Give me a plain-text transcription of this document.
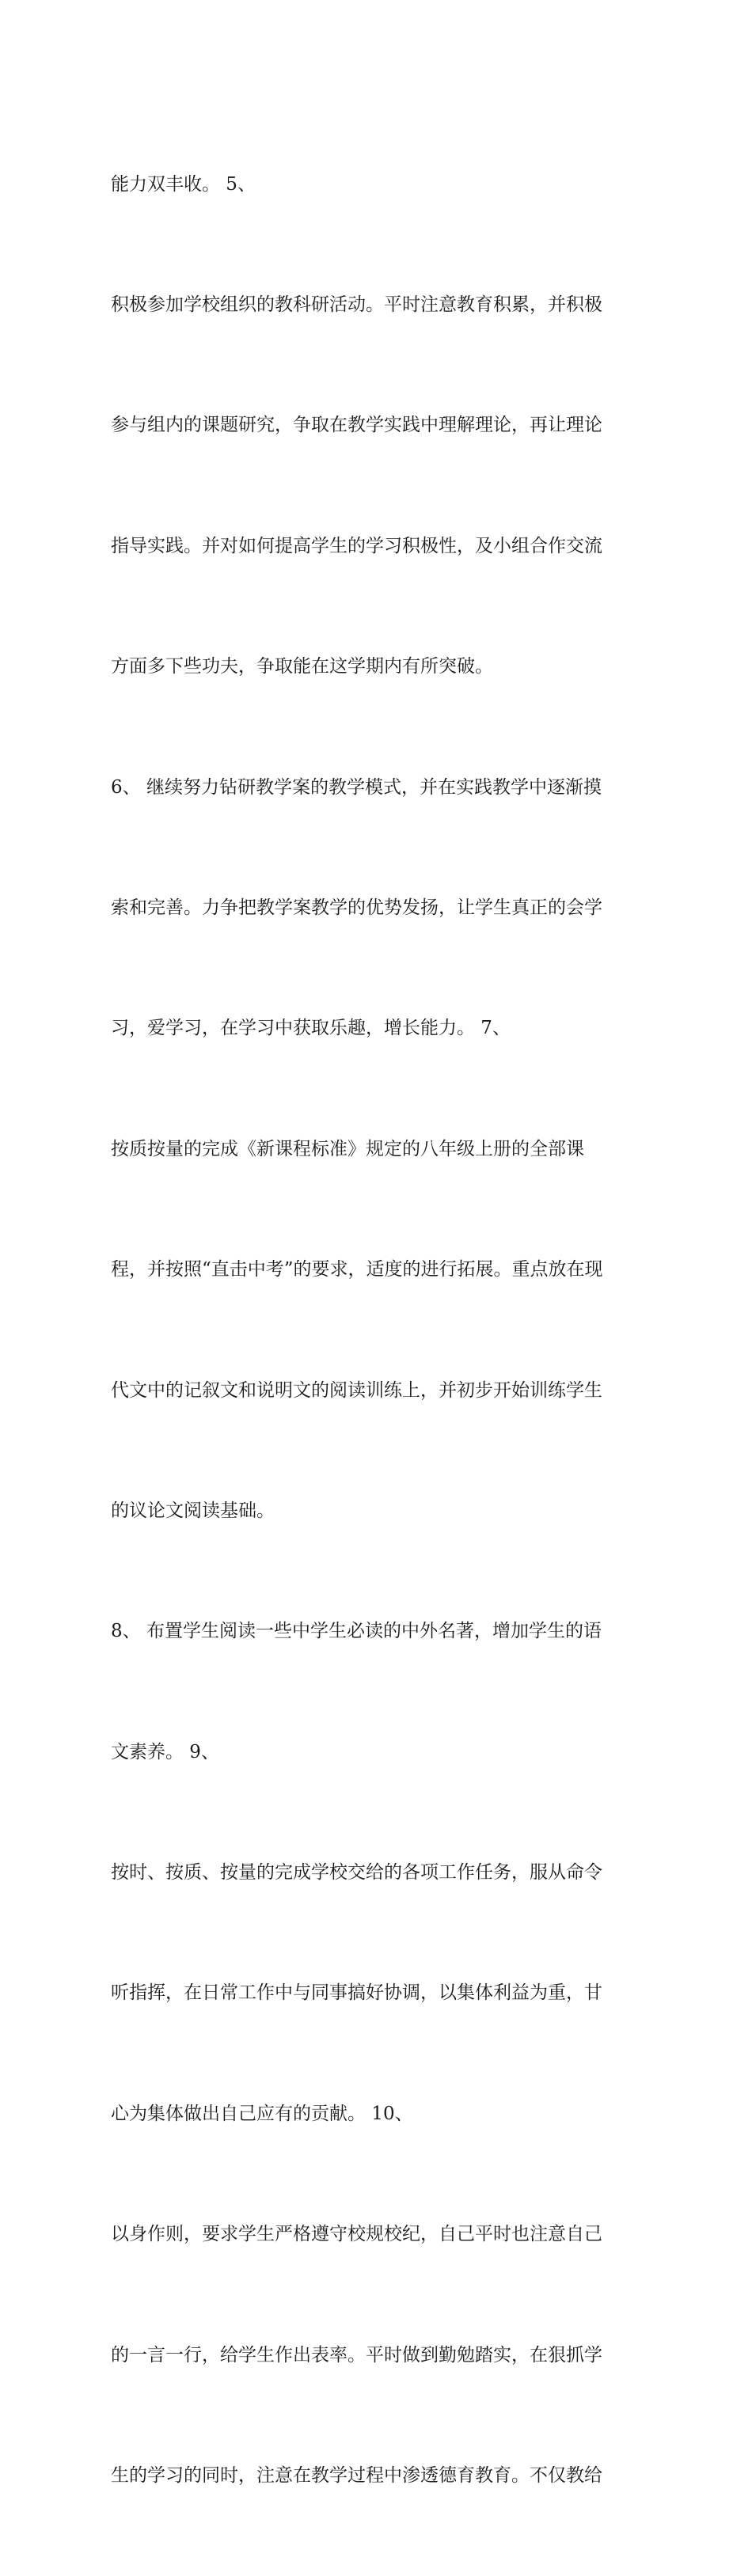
能力双丰收。 5、

积极参加学校组织的教科研活动。平时注意教育积累，并积极

参与组内的课题研究，争取在教学实践中理解理论，再让理论

指导实践。并对如何提高学生的学习积极性，及小组合作交流

方面多下些功夫，争取能在这学期内有所突破。

6、 继续努力钻研教学案的教学模式，并在实践教学中逐渐摸

索和完善。力争把教学案教学的优势发扬，让学生真正的会学

习，爱学习，在学习中获取乐趣，增长能力。 7、

按质按量的完成《新课程标准》规定的八年级上册的全部课

程，并按照“直击中考”的要求，适度的进行拓展。重点放在现

代文中的记叙文和说明文的阅读训练上，并初步开始训练学生

的议论文阅读基础。

8、 布置学生阅读一些中学生必读的中外名著，增加学生的语

文素养。 9、

按时、按质、按量的完成学校交给的各项工作任务，服从命令

听指挥，在日常工作中与同事搞好协调，以集体利益为重，甘

心为集体做出自己应有的贡献。 10、

以身作则，要求学生严格遵守校规校纪，自己平时也注意自己

的一言一行，给学生作出表率。平时做到勤勉踏实，在狠抓学

生的学习的同时，注意在教学过程中渗透德育教育。不仅教给
